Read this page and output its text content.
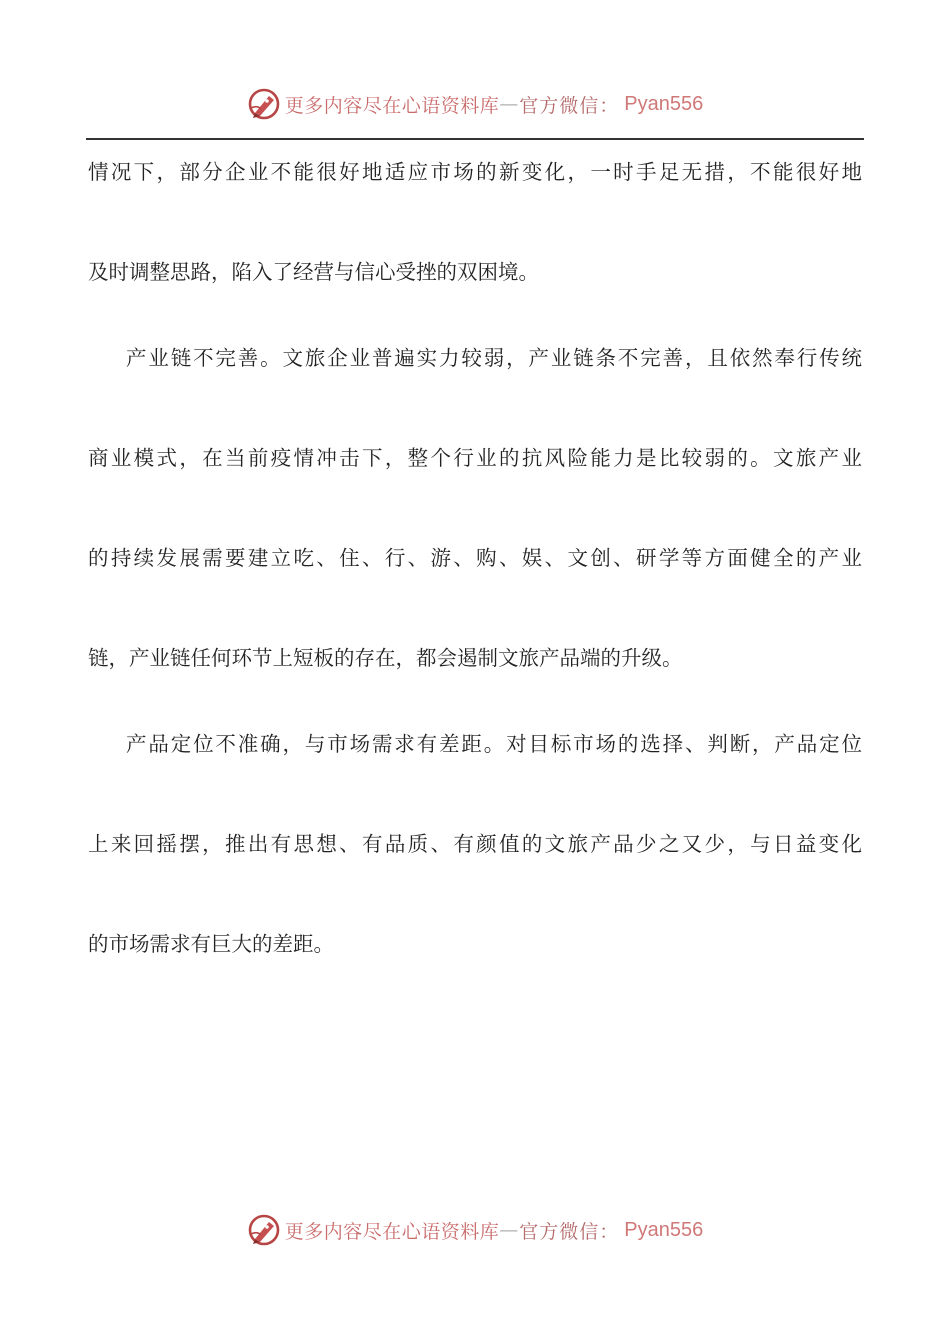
更多内容尽在心语资料库 — 官方微信 ： Pyan556
情况下，部分企业不能很好地适应市场的新变化，一时手足无措，不能很好地
及时调整思路，陷入了经营与信心受挫的双困境。
产业链不完善。文旅企业普遍实力较弱，产业链条不完善，且依然奉行传统
商业模式，在当前疫情冲击下，整个行业的抗风险能力是比较弱的。文旅产业
的持续发展需要建立吃、住、行、游、购、娱、文创、研学等方面健全的产业
链，产业链任何环节上短板的存在，都会遏制文旅产品端的升级。
产品定位不准确，与市场需求有差距。对目标市场的选择、判断，产品定位
上来回摇摆，推出有思想、有品质、有颜值的文旅产品少之又少，与日益变化
的市场需求有巨大的差距。
更多内容尽在心语资料库 — 官方微信 ： Pyan556
